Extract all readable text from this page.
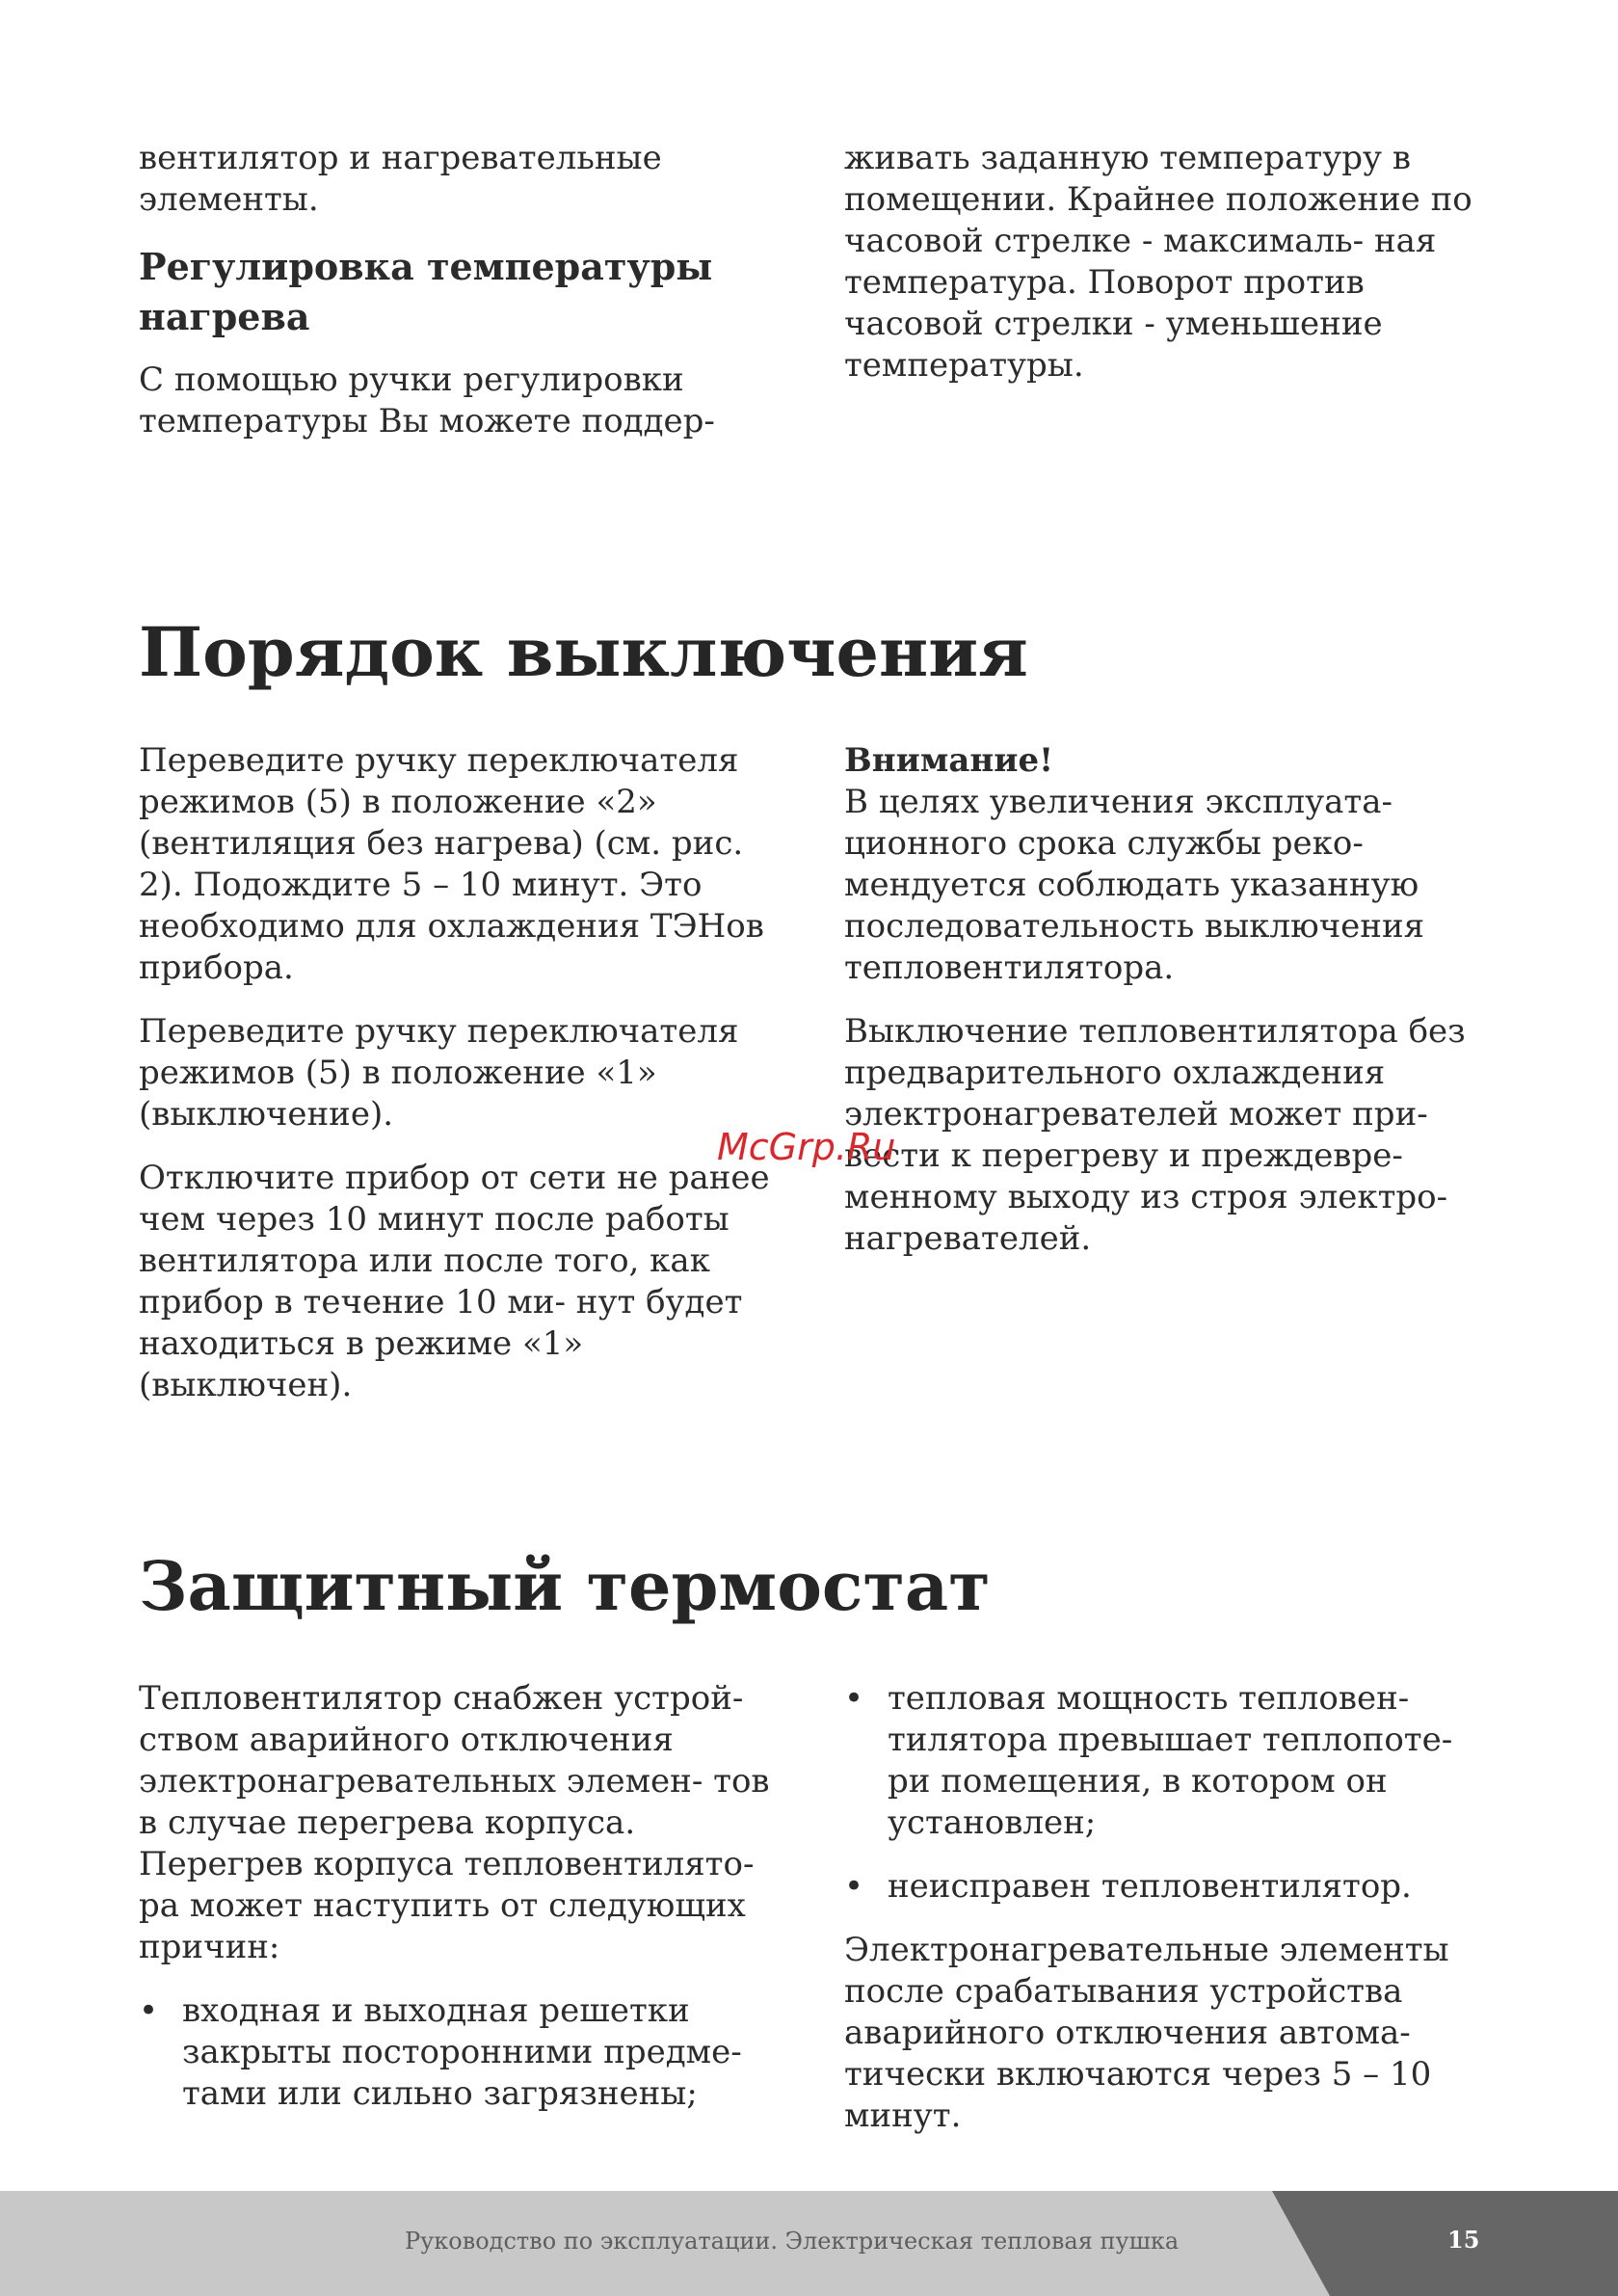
вентилятор и нагревательные элементы.

Регулировка температуры нагрева

С помощью ручки регулировки температуры Вы можете поддер-

живать заданную температуру в помещении. Крайнее положение по часовой стрелке - максималь- ная температура. Поворот против часовой стрелки - уменьшение температуры.

Порядок выключения

Переведите ручку переключателя режимов (5) в положение «2» (вентиляция без нагрева) (см. рис. 2). Подождите 5 – 10 минут. Это необходимо для охлаждения ТЭНов прибора.

Переведите ручку переключателя режимов (5) в положение «1» (выключение).

Отключите прибор от сети не ранее чем через 10 минут после работы вентилятора или после того, как прибор в течение 10 ми- нут будет находиться в режиме «1» (выключен).

Внимание!

В целях увеличения эксплуата- ционного срока службы реко- мендуется соблюдать указанную последовательность выключения тепловентилятора.

Выключение тепловентилятора без предварительного охлаждения электронагревателей может при- вести к перегреву и преждевре- менному выходу из строя электро- нагревателей.

McGrp.Ru
Защитный термостат

Тепловентилятор снабжен устрой- ством аварийного отключения электронагревательных элемен- тов в случае перегрева корпуса. Перегрев корпуса тепловентилято- ра может наступить от следующих причин:

• входная и выходная решетки закрыты посторонними предме- тами или сильно загрязнены;
• тепловая мощность тепловен- тилятора превышает теплопоте- ри помещения, в котором он установлен;
• неисправен тепловентилятор.

Электронагревательные элементы после срабатывания устройства аварийного отключения автома- тически включаются через 5 – 10 минут.

Руководство по эксплуатации. Электрическая тепловая пушка	15
